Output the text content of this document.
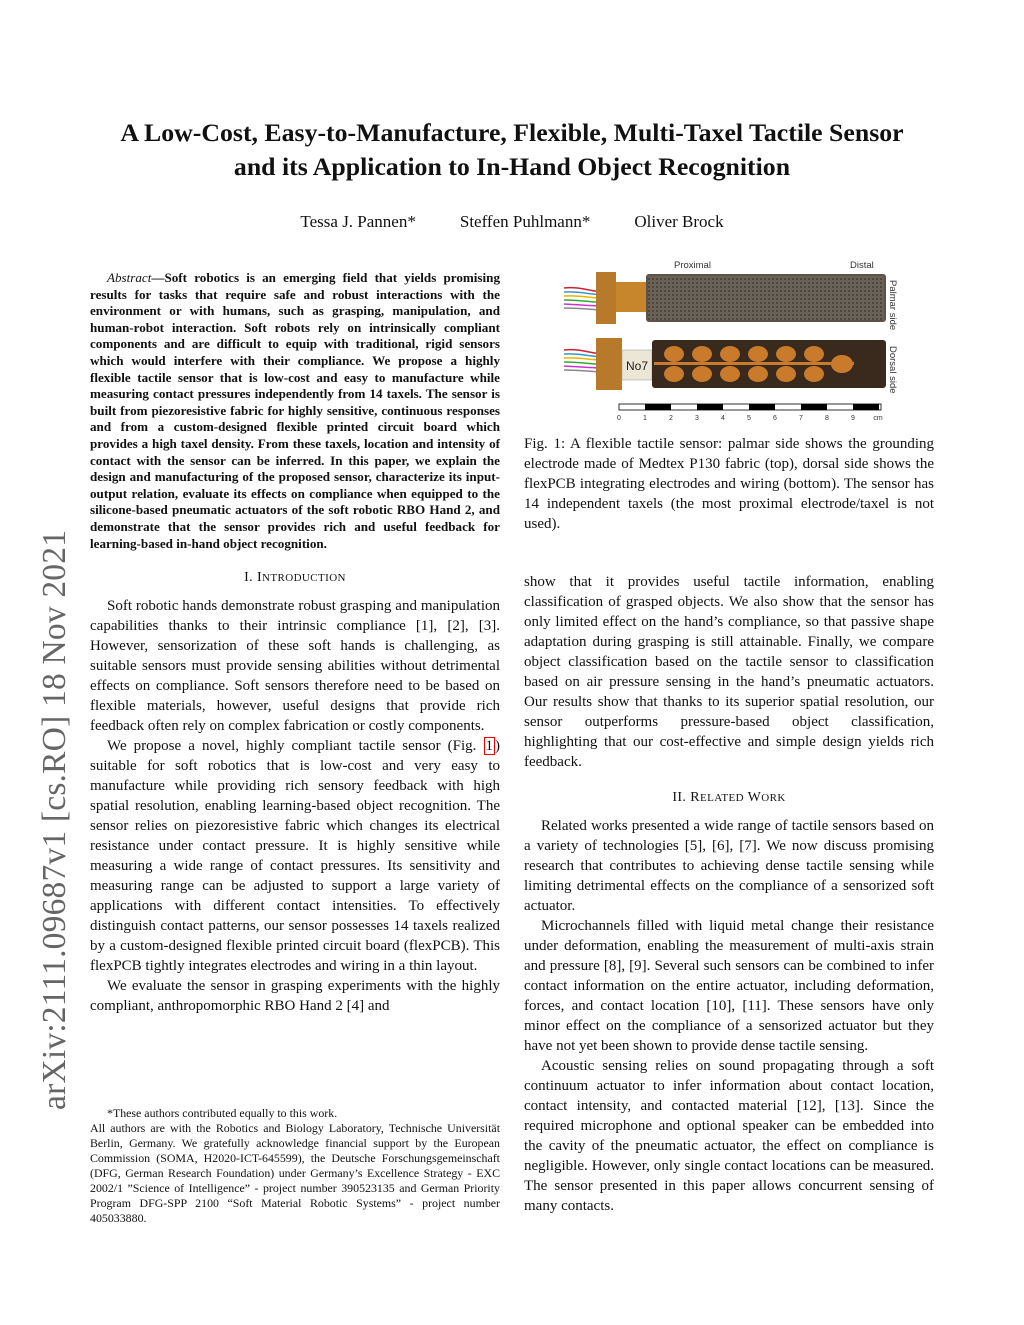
arXiv:2111.09687v1 [cs.RO] 18 Nov 2021
A Low-Cost, Easy-to-Manufacture, Flexible, Multi-Taxel Tactile Sensor
and its Application to In-Hand Object Recognition
Tessa J. Pannen*	Steffen Puhlmann*	Oliver Brock

Abstract—Soft robotics is an emerging field that yields promising results for tasks that require safe and robust interactions with the environment or with humans, such as grasping, manipulation, and human-robot interaction. Soft robots rely on intrinsically compliant components and are difficult to equip with traditional, rigid sensors which would interfere with their compliance. We propose a highly flexible tactile sensor that is low-cost and easy to manufacture while measuring contact pressures independently from 14 taxels. The sensor is built from piezoresistive fabric for highly sensitive, continuous responses and from a custom-designed flexible printed circuit board which provides a high taxel density. From these taxels, location and intensity of contact with the sensor can be inferred. In this paper, we explain the design and manufacturing of the proposed sensor, characterize its input-output relation, evaluate its effects on compliance when equipped to the silicone-based pneumatic actuators of the soft robotic RBO Hand 2, and demonstrate that the sensor provides rich and useful feedback for learning-based in-hand object recognition.

I. INTRODUCTION

Soft robotic hands demonstrate robust grasping and manipulation capabilities thanks to their intrinsic compliance [1], [2], [3]. However, sensorization of these soft hands is challenging, as suitable sensors must provide sensing abilities without detrimental effects on compliance. Soft sensors therefore need to be based on flexible materials, however, useful designs that provide rich feedback often rely on complex fabrication or costly components.

We propose a novel, highly compliant tactile sensor (Fig. 1 ) suitable for soft robotics that is low-cost and very easy to manufacture while providing rich sensory feedback with high spatial resolution, enabling learning-based object recognition. The sensor relies on piezoresistive fabric which changes its electrical resistance under contact pressure. It is highly sensitive while measuring a wide range of contact pressures. Its sensitivity and measuring range can be adjusted to support a large variety of applications with different contact intensities. To effectively distinguish contact patterns, our sensor possesses 14 taxels realized by a custom-designed flexible printed circuit board (flexPCB). This flexPCB tightly integrates electrodes and wiring in a thin layout.

We evaluate the sensor in grasping experiments with the highly compliant, anthropomorphic RBO Hand 2 [4] and

*These authors contributed equally to this work.

All authors are with the Robotics and Biology Laboratory, Technische Universität Berlin, Germany. We gratefully acknowledge financial support by the European Commission (SOMA, H2020-ICT-645599), the Deutsche Forschungsgemeinschaft (DFG, German Research Foundation) under Germany’s Excellence Strategy - EXC 2002/1 ”Science of Intelligence” - project number 390523135 and German Priority Program DFG-SPP 2100 “Soft Material Robotic Systems” - project number 405033880.

No7
0	1	2	3	4	5	6	7	8	9	cm
Proximal	Distal
Palmar side
Dorsal side

Fig. 1: A flexible tactile sensor: palmar side shows the grounding electrode made of Medtex P130 fabric (top), dorsal side shows the flexPCB integrating electrodes and wiring (bottom). The sensor has 14 independent taxels (the most proximal electrode/taxel is not used).

show that it provides useful tactile information, enabling classification of grasped objects. We also show that the sensor has only limited effect on the hand’s compliance, so that passive shape adaptation during grasping is still attainable. Finally, we compare object classification based on the tactile sensor to classification based on air pressure sensing in the hand’s pneumatic actuators. Our results show that thanks to its superior spatial resolution, our sensor outperforms pressure-based object classification, highlighting that our cost-effective and simple design yields rich feedback.

II. RELATED WORK

Related works presented a wide range of tactile sensors based on a variety of technologies [5], [6], [7]. We now discuss promising research that contributes to achieving dense tactile sensing while limiting detrimental effects on the compliance of a sensorized soft actuator.

Microchannels filled with liquid metal change their resistance under deformation, enabling the measurement of multi-axis strain and pressure [8], [9]. Several such sensors can be combined to infer contact information on the entire actuator, including deformation, forces, and contact location [10], [11]. These sensors have only minor effect on the compliance of a sensorized actuator but they have not yet been shown to provide dense tactile sensing.

Acoustic sensing relies on sound propagating through a soft continuum actuator to infer information about contact location, contact intensity, and contacted material [12], [13]. Since the required microphone and optional speaker can be embedded into the cavity of the pneumatic actuator, the effect on compliance is negligible. However, only single contact locations can be measured. The sensor presented in this paper allows concurrent sensing of many contacts.
